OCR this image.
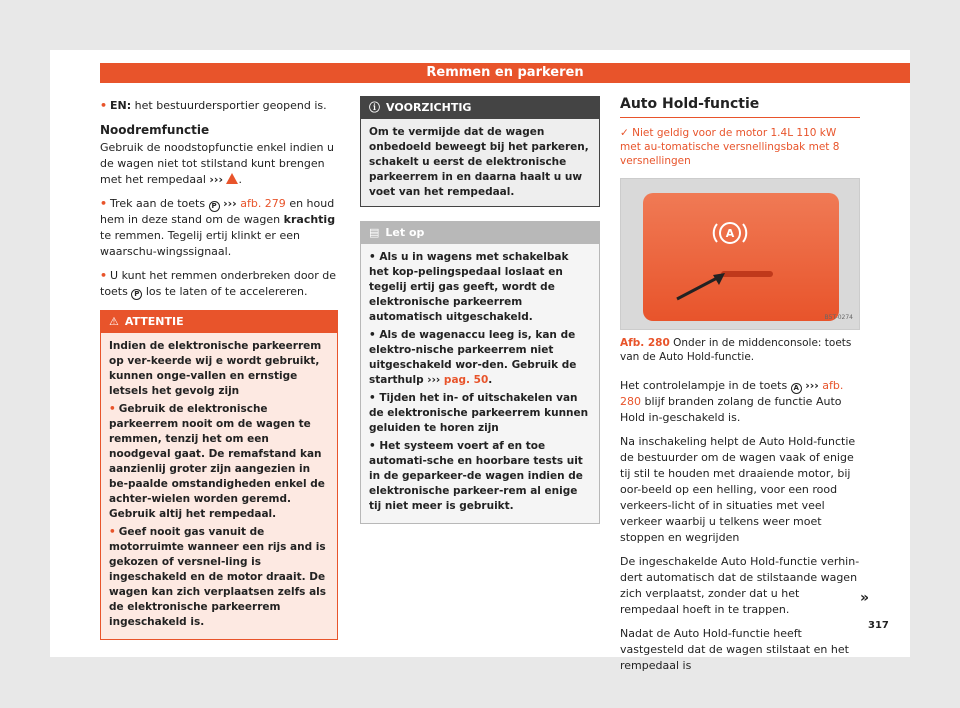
Remmen en parkeren

• EN: het bestuurdersportier geopend is.

Noodremfunctie

Gebruik de noodstopfunctie enkel indien u de wagen niet tot stilstand kunt brengen met het rempedaal ››› .

• Trek aan de toets P ››› afb. 279 en houd hem in deze stand om de wagen krachtig te remmen. Tegelij ertij klinkt er een waarschu-wingssignaal.

• U kunt het remmen onderbreken door de toets P los te laten of te accelereren.

⚠ ATTENTIE

Indien de elektronische parkeerrem op ver-keerde wij e wordt gebruikt, kunnen onge-vallen en ernstige letsels het gevolg zijn

• Gebruik de elektronische parkeerrem nooit om de wagen te remmen, tenzij het om een noodgeval gaat. De remafstand kan aanzienlij groter zijn aangezien in be-paalde omstandigheden enkel de achter-wielen worden geremd. Gebruik altij het rempedaal.

• Geef nooit gas vanuit de motorruimte wanneer een rijs and is gekozen of versnel-ling is ingeschakeld en de motor draait. De wagen kan zich verplaatsen zelfs als de elektronische parkeerrem ingeschakeld is.

ⓘ VOORZICHTIG
Om te vermijde dat de wagen onbedoeld beweegt bij het parkeren, schakelt u eerst de elektronische parkeerrem in en daarna haalt u uw voet van het rempedaal.
▤ Let op

• Als u in wagens met schakelbak het kop-pelingspedaal loslaat en tegelij ertij gas geeft, wordt de elektronische parkeerrem automatisch uitgeschakeld.

• Als de wagenaccu leeg is, kan de elektro-nische parkeerrem niet uitgeschakeld wor-den. Gebruik de starthulp ››› pag. 50.

• Tijden het in- of uitschakelen van de elektronische parkeerrem kunnen geluiden te horen zijn

• Het systeem voert af en toe automati-sche en hoorbare tests uit in de geparkeer-de wagen indien de elektronische parkeer-rem al enige tij niet meer is gebruikt.

Auto Hold-functie
✓ Niet geldig voor de motor 1.4L 110 kW met au-tomatische versnellingsbak met 8 versnellingen
A
B5T-0274
Afb. 280 Onder in de middenconsole: toets van de Auto Hold-functie.

Het controlelampje in de toets A ››› afb. 280 blijf branden zolang de functie Auto Hold in-geschakeld is.

Na inschakeling helpt de Auto Hold-functie de bestuurder om de wagen vaak of enige tij stil te houden met draaiende motor, bij oor-beeld op een helling, voor een rood verkeers-licht of in situaties met veel verkeer waarbij u telkens weer moet stoppen en wegrijden

De ingeschakelde Auto Hold-functie verhin-dert automatisch dat de stilstaande wagen zich verplaatst, zonder dat u het rempedaal hoeft in te trappen.

Nadat de Auto Hold-functie heeft vastgesteld dat de wagen stilstaat en het rempedaal is

»
317
